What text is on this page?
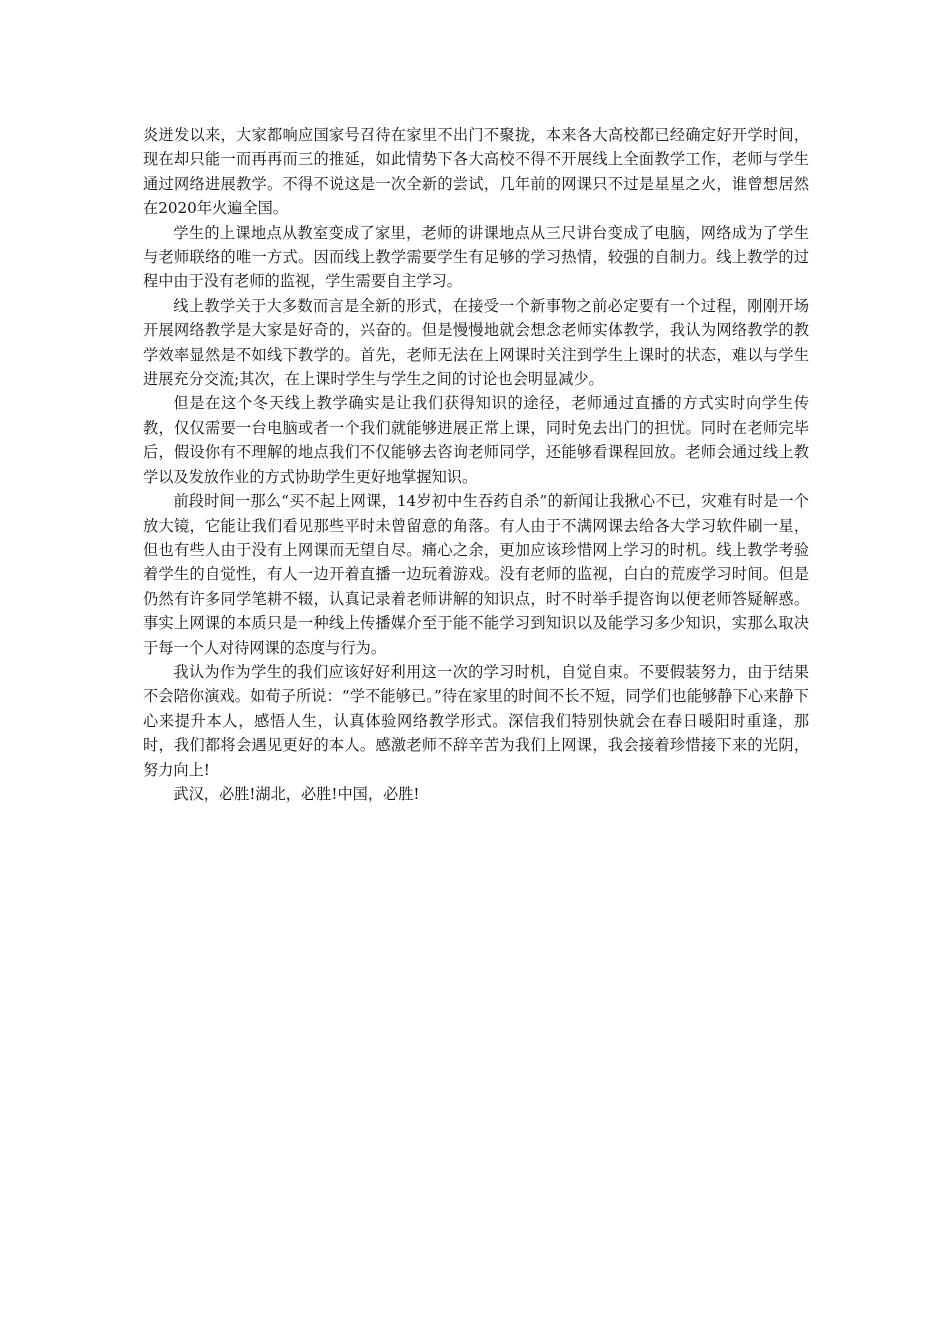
炎迸发以来，大家都响应国家号召待在家里不出门不聚拢，本来各大高校都已经确定好开学时间，现在却只能一而再再而三的推延，如此情势下各大高校不得不开展线上全面教学工作，老师与学生通过网络进展教学。不得不说这是一次全新的尝试，几年前的网课只不过是星星之火，谁曾想居然在2020年火遍全国。

学生的上课地点从教室变成了家里，老师的讲课地点从三尺讲台变成了电脑，网络成为了学生与老师联络的唯一方式。因而线上教学需要学生有足够的学习热情，较强的自制力。线上教学的过程中由于没有老师的监视，学生需要自主学习。

线上教学关于大多数而言是全新的形式，在接受一个新事物之前必定要有一个过程，刚刚开场开展网络教学是大家是好奇的，兴奋的。但是慢慢地就会想念老师实体教学，我认为网络教学的教学效率显然是不如线下教学的。首先，老师无法在上网课时关注到学生上课时的状态，难以与学生进展充分交流;其次，在上课时学生与学生之间的讨论也会明显减少。

但是在这个冬天线上教学确实是让我们获得知识的途径，老师通过直播的方式实时向学生传教，仅仅需要一台电脑或者一个我们就能够进展正常上课，同时免去出门的担忧。同时在老师完毕后，假设你有不理解的地点我们不仅能够去咨询老师同学，还能够看课程回放。老师会通过线上教学以及发放作业的方式协助学生更好地掌握知识。

前段时间一那么“买不起上网课，14岁初中生吞药自杀”的新闻让我揪心不已，灾难有时是一个放大镜，它能让我们看见那些平时未曾留意的角落。有人由于不满网课去给各大学习软件刷一星，但也有些人由于没有上网课而无望自尽。痛心之余，更加应该珍惜网上学习的时机。线上教学考验着学生的自觉性，有人一边开着直播一边玩着游戏。没有老师的监视，白白的荒废学习时间。但是仍然有许多同学笔耕不辍，认真记录着老师讲解的知识点，时不时举手提咨询以便老师答疑解惑。事实上网课的本质只是一种线上传播媒介至于能不能学习到知识以及能学习多少知识，实那么取决于每一个人对待网课的态度与行为。

我认为作为学生的我们应该好好利用这一次的学习时机，自觉自束。不要假装努力，由于结果不会陪你演戏。如荀子所说：“学不能够已。”待在家里的时间不长不短，同学们也能够静下心来静下心来提升本人，感悟人生，认真体验网络教学形式。深信我们特别快就会在春日暖阳时重逢，那时，我们都将会遇见更好的本人。感激老师不辞辛苦为我们上网课，我会接着珍惜接下来的光阴，努力向上!

武汉，必胜!湖北，必胜!中国，必胜!
